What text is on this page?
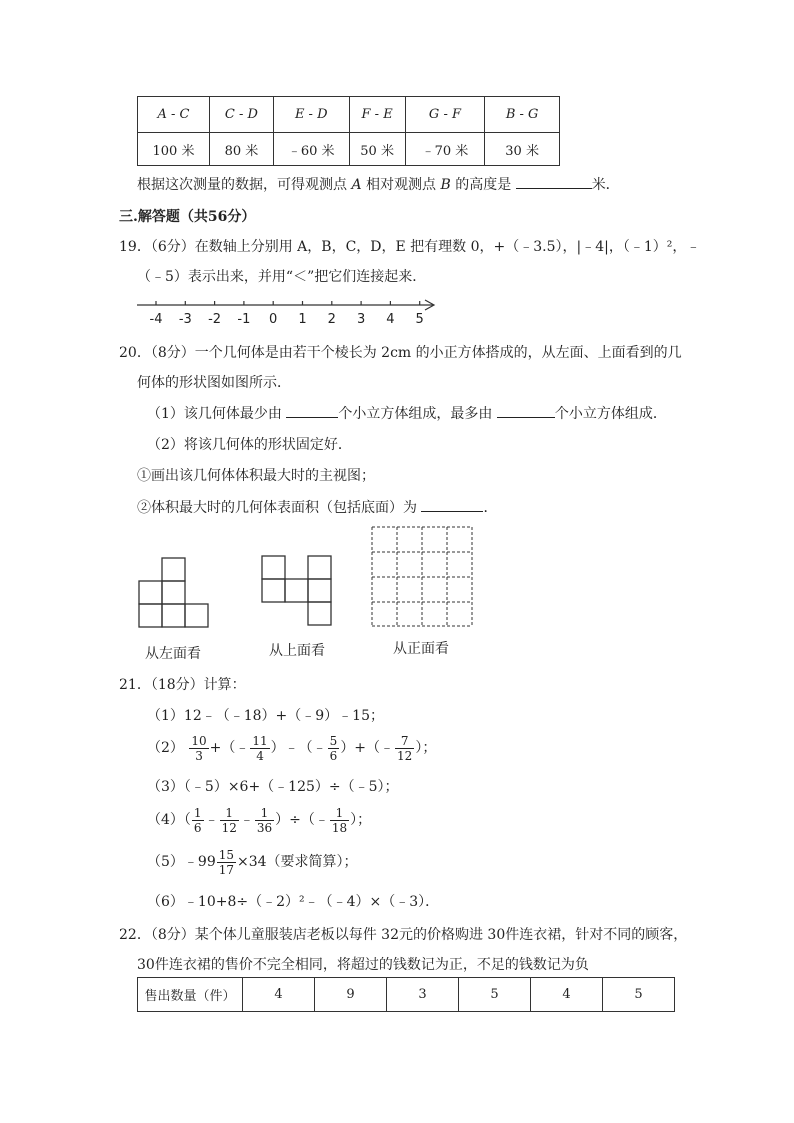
A - C	C - D	E - D	F - E	G - F	B - G
100 米	80 米	﹣60 米	50 米	﹣70 米	30 米
根据这次测量的数据，可得观测点 A 相对观测点 B 的高度是	米．
三.解答题（共56分）
19．（6分）在数轴上分别用 A，B，C，D，E 把有理数 0，+（﹣3.5），|﹣4|，（﹣1）²，﹣
（﹣5）表示出来，并用“＜”把它们连接起来．
-4 -3 -2 -1 0 1 2 3 4 5
20．（8分）一个几何体是由若干个棱长为 2cm 的小正方体搭成的，从左面、上面看到的几
何体的形状图如图所示．
（1）该几何体最少由	个小立方体组成，最多由	个小立方体组成．
（2）将该几何体的形状固定好．
①画出该几何体体积最大时的主视图；
②体积最大时的几何体表面积（包括底面）为	．
从左面看	从上面看	从正面看
21．（18分）计算：
（1）12﹣（﹣18）+（﹣9）﹣15；
$(2) \frac{10}{3}$ +（﹣ $\frac{11}{4}$ ）﹣（﹣ $\frac{5}{6}$ ）+（﹣ $\frac{7}{12}$ ）；
（3）（﹣5）×6+（﹣125）÷（﹣5）；
$(4)( \frac{1}{6}$ ﹣ $\frac{1}{12}$ ﹣ $\frac{1}{36}$ ）÷（﹣ $\frac{1}{18}$ ）；
（5）﹣99 $\frac{15}{17} \times 34$（要求简算）；
（6）﹣10+8÷（﹣2）²﹣（﹣4）×（﹣3）．
22．（8分）某个体儿童服装店老板以每件 32元的价格购进 30件连衣裙，针对不同的顾客，
30件连衣裙的售价不完全相同，将超过的钱数记为正，不足的钱数记为负
售出数量（件）	4	9	3	5	4	5
